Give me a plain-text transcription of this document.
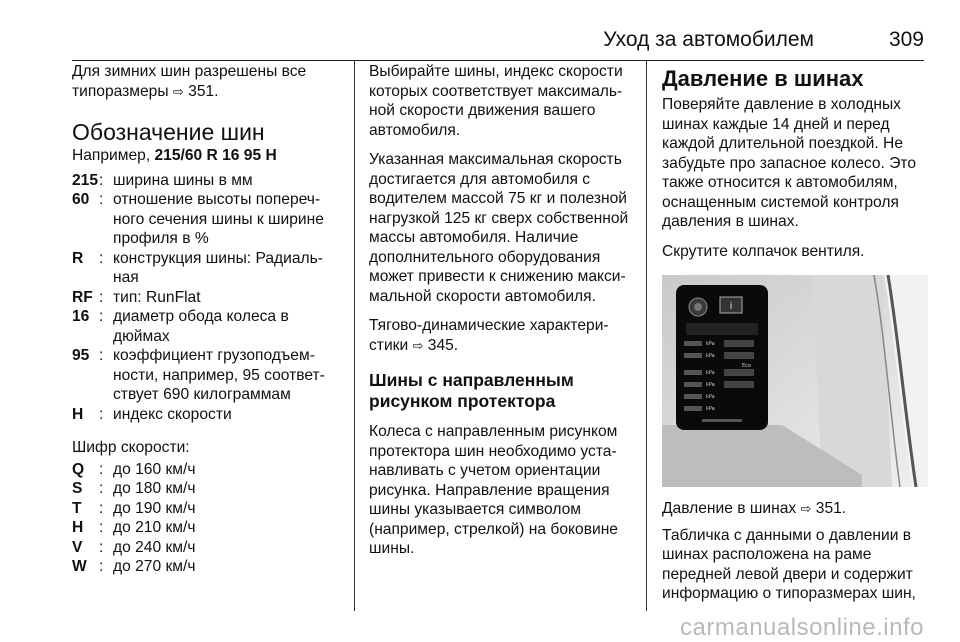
Уход за автомобилем	309

Для зимних шин разрешены все
типоразмеры ⇨ 351.

Обозначение шин

Например, 215/60 R 16 95 H

215 : ширина шины в мм
60 : отношение высоты попереч-
ного сечения шины к ширине
профиля в %
R	: конструкция шины: Радиаль-
ная
RF : тип: RunFlat
16 : диаметр обода колеса в
дюймах
95 : коэффициент грузоподъем-
ности, например, 95 соответ-
ствует 690 килограммам
H	: индекс скорости

Шифр скорости:

Q : до 160 км/ч
S	: до 180 км/ч
T	: до 190 км/ч
H	: до 210 км/ч
V	: до 240 км/ч
W : до 270 км/ч

Выбирайте шины, индекс скорости
которых соответствует максималь-
ной скорости движения вашего
автомобиля.

Указанная максимальная скорость
достигается для автомобиля с
водителем массой 75 кг и полезной
нагрузкой 125 кг сверх собственной
массы автомобиля. Наличие
дополнительного оборудования
может привести к снижению макси-
мальной скорости автомобиля.

Тягово-динамические характери-
стики ⇨ 345.

Шины с направленным
рисунком протектора

Колеса с направленным рисунком
протектора шин необходимо уста-
навливать с учетом ориентации
рисунка. Направление вращения
шины указывается символом
(например, стрелкой) на боковине
шины.

Давление в шинах

Поверяйте давление в холодных
шинах каждые 14 дней и перед
каждой длительной поездкой. Не
забудьте про запасное колесо. Это
также относится к автомобилям,
оснащенным системой контроля
давления в шинах.

Скрутите колпачок вентиля.

i
kPa
kPa
Eco
kPa
kPa
kPa
kPa

Давление в шинах ⇨ 351.

Табличка с данными о давлении в
шинах расположена на раме
передней левой двери и содержит
информацию о типоразмерах шин,

carmanualsonline.info
